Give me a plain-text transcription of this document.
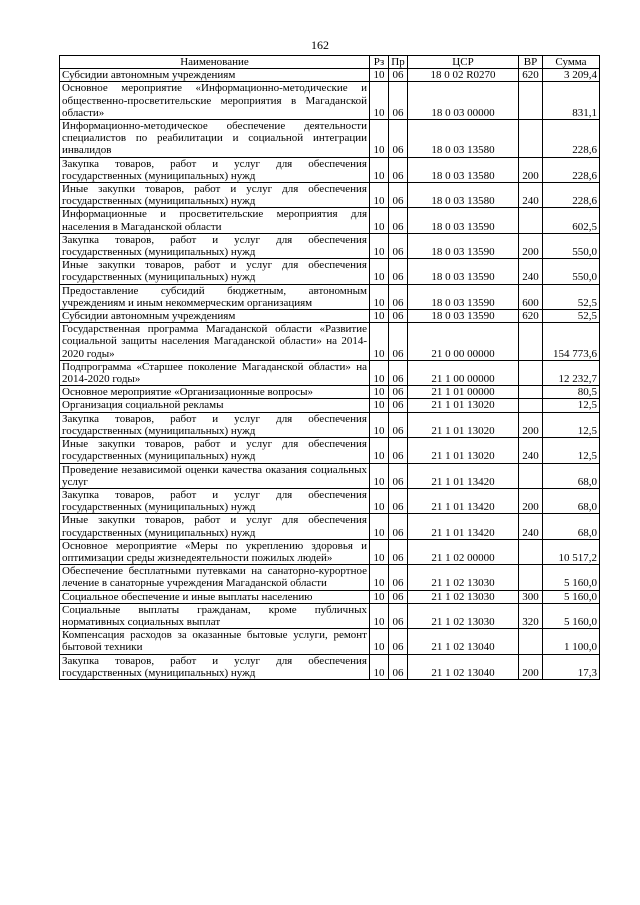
162
Наименование	Рз	Пр	ЦСР	ВР	Сумма
Субсидии автономным учреждениям	10	06	18 0 02 R0270	620	3 209,4
Основное мероприятие «Информационно-методические и общественно-просветительские мероприятия в Магаданской области»	10	06	18 0 03 00000		831,1
Информационно-методическое обеспечение деятельности специалистов по реабилитации и социальной интеграции инвалидов	10	06	18 0 03 13580		228,6
Закупка товаров, работ и услуг для обеспечения государственных (муниципальных) нужд	10	06	18 0 03 13580	200	228,6
Иные закупки товаров, работ и услуг для обеспечения государственных (муниципальных) нужд	10	06	18 0 03 13580	240	228,6
Информационные и просветительские мероприятия для населения в Магаданской области	10	06	18 0 03 13590		602,5
Закупка товаров, работ и услуг для обеспечения государственных (муниципальных) нужд	10	06	18 0 03 13590	200	550,0
Иные закупки товаров, работ и услуг для обеспечения государственных (муниципальных) нужд	10	06	18 0 03 13590	240	550,0
Предоставление субсидий бюджетным, автономным учреждениям и иным некоммерческим организациям	10	06	18 0 03 13590	600	52,5
Субсидии автономным учреждениям	10	06	18 0 03 13590	620	52,5
Государственная программа Магаданской области «Развитие социальной защиты населения Магаданской области» на 2014-2020 годы»	10	06	21 0 00 00000		154 773,6
Подпрограмма «Старшее поколение Магаданской области» на 2014-2020 годы»	10	06	21 1 00 00000		12 232,7
Основное мероприятие «Организационные вопросы»	10	06	21 1 01 00000		80,5
Организация социальной рекламы	10	06	21 1 01 13020		12,5
Закупка товаров, работ и услуг для обеспечения государственных (муниципальных) нужд	10	06	21 1 01 13020	200	12,5
Иные закупки товаров, работ и услуг для обеспечения государственных (муниципальных) нужд	10	06	21 1 01 13020	240	12,5
Проведение независимой оценки качества оказания социальных услуг	10	06	21 1 01 13420		68,0
Закупка товаров, работ и услуг для обеспечения государственных (муниципальных) нужд	10	06	21 1 01 13420	200	68,0
Иные закупки товаров, работ и услуг для обеспечения государственных (муниципальных) нужд	10	06	21 1 01 13420	240	68,0
Основное мероприятие «Меры по укреплению здоровья и оптимизации среды жизнедеятельности пожилых людей»	10	06	21 1 02 00000		10 517,2
Обеспечение бесплатными путевками на санаторно-курортное лечение в санаторные учреждения Магаданской области	10	06	21 1 02 13030		5 160,0
Социальное обеспечение и иные выплаты населению	10	06	21 1 02 13030	300	5 160,0
Социальные выплаты гражданам, кроме публичных нормативных социальных выплат	10	06	21 1 02 13030	320	5 160,0
Компенсация расходов за оказанные бытовые услуги, ремонт бытовой техники	10	06	21 1 02 13040		1 100,0
Закупка товаров, работ и услуг для обеспечения государственных (муниципальных) нужд	10	06	21 1 02 13040	200	17,3
